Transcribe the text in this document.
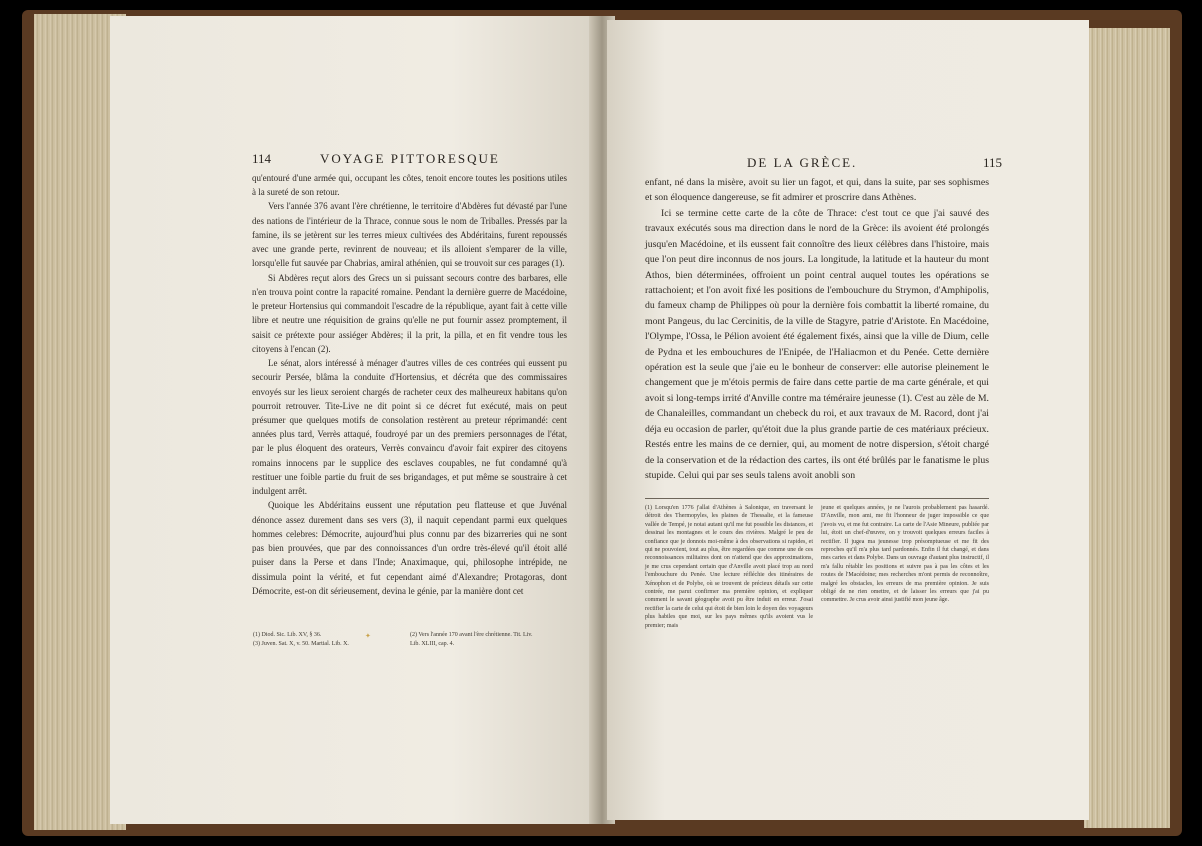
114	VOYAGE PITTORESQUE

qu'entouré d'une armée qui, occupant les côtes, tenoit encore toutes les positions utiles à la sureté de son retour.

Vers l'année 376 avant l'ère chrétienne, le territoire d'Abdères fut dévasté par l'une des nations de l'intérieur de la Thrace, connue sous le nom de Triballes. Pressés par la famine, ils se jetèrent sur les terres mieux cultivées des Abdéritains, furent repoussés avec une grande perte, revinrent de nouveau; et ils alloient s'emparer de la ville, lorsqu'elle fut sauvée par Chabrias, amiral athénien, qui se trouvoit sur ces parages (1).

Si Abdères reçut alors des Grecs un si puissant secours contre des barbares, elle n'en trouva point contre la rapacité romaine. Pendant la dernière guerre de Macédoine, le preteur Hortensius qui commandoit l'escadre de la république, ayant fait à cette ville libre et neutre une réquisition de grains qu'elle ne put fournir assez promptement, il saisit ce prétexte pour assiéger Abdères; il la prit, la pilla, et en fit vendre tous les citoyens à l'encan (2).

Le sénat, alors intéressé à ménager d'autres villes de ces contrées qui eussent pu secourir Persée, blâma la conduite d'Hortensius, et décréta que des commissaires envoyés sur les lieux seroient chargés de racheter ceux des malheureux habitans qu'on pourroit retrouver. Tite-Live ne dit point si ce décret fut exécuté, mais on peut présumer que quelques motifs de consolation restèrent au preteur réprimandé: cent années plus tard, Verrès attaqué, foudroyé par un des premiers personnages de l'état, par le plus éloquent des orateurs, Verrès convaincu d'avoir fait expirer des citoyens romains innocens par le supplice des esclaves coupables, ne fut condamné qu'à restituer une foible partie du fruit de ses brigandages, et put même se soustraire à cet indulgent arrêt.

Quoique les Abdéritains eussent une réputation peu flatteuse et que Juvénal dénonce assez durement dans ses vers (3), il naquit cependant parmi eux quelques hommes celebres: Démocrite, aujourd'hui plus connu par des bizarreries qui ne sont pas bien prouvées, que par des connoissances d'un ordre très-élevé qu'il étoit allé puiser dans la Perse et dans l'Inde; Anaximaque, qui, philosophe intrépide, ne dissimula point la vérité, et fut cependant aimé d'Alexandre; Protagoras, dont Démocrite, est-on dit sérieusement, devina le génie, par la manière dont cet

(1) Diod. Sic. Lib. XV, § 36.
(3) Juven. Sat. X, v. 50. Martial. Lib. X.
(2) Vers l'année 170 avant l'ère chrétienne. Tit. Liv.
Lib. XLIII, cap. 4.
✦
DE LA GRÈCE.	115

enfant, né dans la misère, avoit su lier un fagot, et qui, dans la suite, par ses sophismes et son éloquence dangereuse, se fit admirer et proscrire dans Athènes.

Ici se termine cette carte de la côte de Thrace: c'est tout ce que j'ai sauvé des travaux exécutés sous ma direction dans le nord de la Grèce: ils avoient été prolongés jusqu'en Macédoine, et ils eussent fait connoître des lieux célèbres dans l'histoire, mais que l'on peut dire inconnus de nos jours. La longitude, la latitude et la hauteur du mont Athos, bien déterminées, offroient un point central auquel toutes les opérations se rattachoient; et l'on avoit fixé les positions de l'embouchure du Strymon, d'Amphipolis, du fameux champ de Philippes où pour la dernière fois combattit la liberté romaine, du mont Pangeus, du lac Cercinitis, de la ville de Stagyre, patrie d'Aristote. En Macédoine, l'Olympe, l'Ossa, le Pélion avoient été également fixés, ainsi que la ville de Dium, celle de Pydna et les embouchures de l'Enipée, de l'Haliacmon et du Penée. Cette dernière opération est la seule que j'aie eu le bonheur de conserver: elle autorise pleinement le changement que je m'étois permis de faire dans cette partie de ma carte générale, et qui avoit si long-temps irrité d'Anville contre ma téméraire jeunesse (1). C'est au zèle de M. de Chanaleilles, commandant un chebeck du roi, et aux travaux de M. Racord, dont j'ai déja eu occasion de parler, qu'étoit due la plus grande partie de ces matériaux précieux. Restés entre les mains de ce dernier, qui, au moment de notre dispersion, s'étoit chargé de la conservation et de la rédaction des cartes, ils ont été brûlés par le fanatisme le plus stupide. Celui qui par ses seuls talens avoit anobli son

(1) Lorsqu'en 1776 j'allai d'Athènes à Salonique, en traversant le détroit des Thermopyles, les plaines de Thessalie, et la fameuse vallée de Tempé, je notai autant qu'il me fut possible les distances, et dessinai les montagnes et le cours des rivières. Malgré le peu de confiance que je donnois moi-même à des observations si rapides, et qui ne pouvoient, tout au plus, être regardées que comme une de ces reconnoissances militaires dont on n'attend que des approximations, je me crus cependant certain que d'Anville avoit placé trop au nord l'embouchure du Penée. Une lecture réfléchie des itinéraires de Xénophon et de Polybe, où se trouvent de précieux détails sur cette contrée, me parut confirmer ma première opinion, et expliquer comment le savant géographe avoit pu être induit en erreur. J'osai rectifier la carte de celui qui étoit de bien loin le doyen des voyageurs plus habiles que moi, sur les pays mêmes qu'ils avoient vus le premier; mais
jeune et quelques années, je ne l'aurois probablement pas hasardé. D'Anville, mon ami, me fit l'honneur de juger impossible ce que j'avois vu, et me fut contraire. La carte de l'Asie Mineure, publiée par lui, étoit un chef-d'œuvre, on y trouvoit quelques erreurs faciles à rectifier. Il jugea ma jeunesse trop présomptueuse et me fit des reproches qu'il m'a plus tard pardonnés. Enfin il fut changé, et dans mes cartes et dans Polybe. Dans un ouvrage d'autant plus instructif, il m'a fallu rétablir les positions et suivre pas à pas les côtes et les routes de l'Macédoine; mes recherches m'ont permis de reconnoître, malgré les obstacles, les erreurs de ma première opinion. Je suis obligé de ne rien omettre, et de laisser les erreurs que j'ai pu commettre. Je crus avoir ainsi justifié mon jeune âge.
